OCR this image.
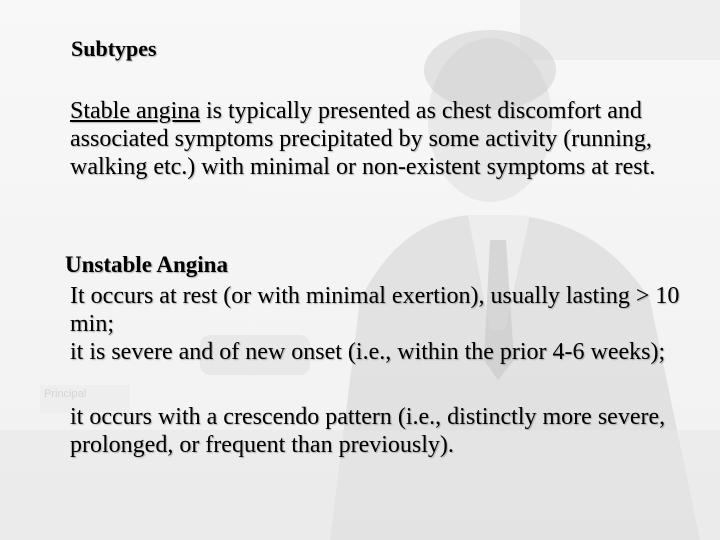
Principal
Subtypes
Stable angina is typically presented as chest discomfort and associated symptoms precipitated by some activity (running, walking etc.) with minimal or non-existent symptoms at rest.
Unstable Angina
It occurs at rest (or with minimal exertion), usually lasting > 10 min;
it is severe and of new onset (i.e., within the prior 4-6 weeks);
it occurs with a crescendo pattern (i.e., distinctly more severe, prolonged, or frequent than previously).
